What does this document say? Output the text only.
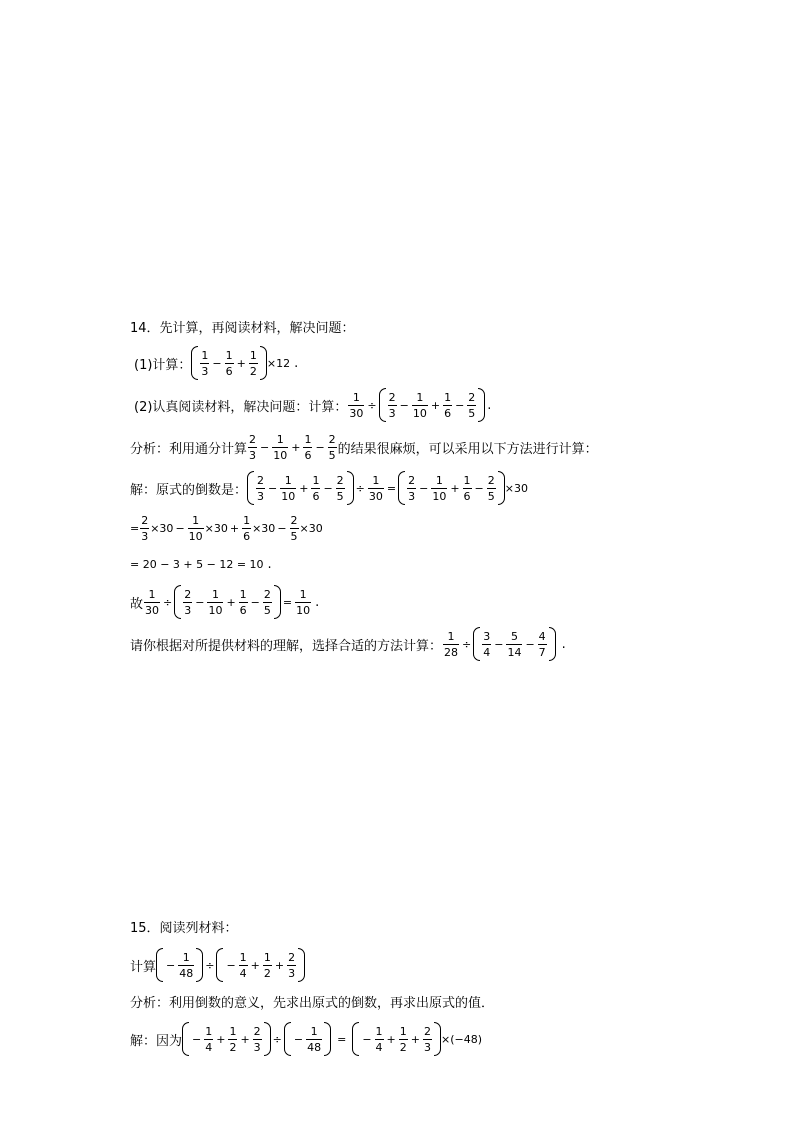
14．先计算，再阅读材料，解决问题：
(1)计算： $\frac{1}{3} - \frac{1}{6} + \frac{1}{2} \times 12$ .
(2)认真阅读材料，解决问题：计算： $\frac{1}{30} \div \frac{2}{3} - \frac{1}{10} + \frac{1}{6} - \frac{2}{5}$ .
分析：利用通分计算 $\frac{2}{3} - \frac{1}{10} + \frac{1}{6} - \frac{2}{5}$ 的结果很麻烦，可以采用以下方法进行计算：
解：原式的倒数是： $\frac{2}{3} - \frac{1}{10} + \frac{1}{6} - \frac{2}{5} \div \frac{1}{30} = \frac{2}{3} - \frac{1}{10} + \frac{1}{6} - \frac{2}{5} \times 30$
= $\frac{2}{3} \times 30 - \frac{1}{10} \times 30 + \frac{1}{6} \times 30 - \frac{2}{5} \times 30$
= 20 − 3 + 5 − 12 = 10 .
故 $\frac{1}{30} \div \frac{2}{3} - \frac{1}{10} + \frac{1}{6} - \frac{2}{5} = \frac{1}{10}$ .
请你根据对所提供材料的理解，选择合适的方法计算： $\frac{1}{28} \div \frac{3}{4} - \frac{5}{14} - \frac{4}{7}$ .
15．阅读列材料：
计算 − $\frac{1}{48}$ ÷ − $\frac{1}{4} + \frac{1}{2} + \frac{2}{3}$
分析：利用倒数的意义，先求出原式的倒数，再求出原式的值．
解：因为 − $\frac{1}{4} + \frac{1}{2} + \frac{2}{3}$ ÷ − $\frac{1}{48}$ = − $\frac{1}{4} + \frac{1}{2} + \frac{2}{3} \times(-48)$
